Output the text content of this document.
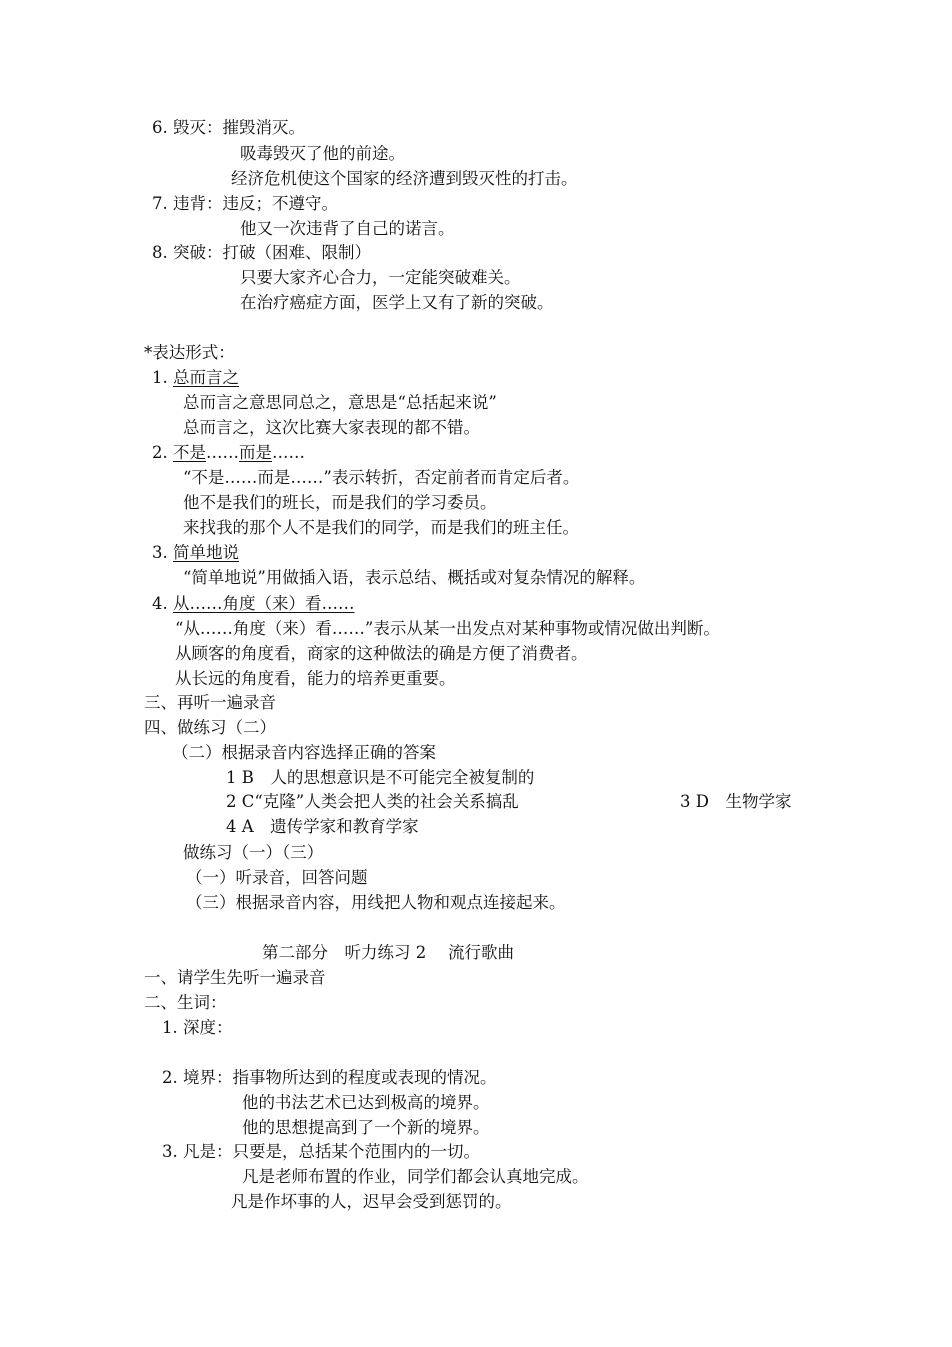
6. 毁灭：摧毁消灭。
吸毒毁灭了他的前途。
经济危机使这个国家的经济遭到毁灭性的打击。
7. 违背：违反；不遵守。
他又一次违背了自己的诺言。
8. 突破：打破（困难、限制）
只要大家齐心合力，一定能突破难关。
在治疗癌症方面，医学上又有了新的突破。
*表达形式：
1. 总而言之
总而言之意思同总之，意思是“总括起来说”
总而言之，这次比赛大家表现的都不错。
2. 不是……而是……
“不是……而是……”表示转折，否定前者而肯定后者。
他不是我们的班长，而是我们的学习委员。
来找我的那个人不是我们的同学，而是我们的班主任。
3. 简单地说
“简单地说”用做插入语，表示总结、概括或对复杂情况的解释。
4. 从……角度（来）看……
“从……角度（来）看……”表示从某一出发点对某种事物或情况做出判断。
从顾客的角度看，商家的这种做法的确是方便了消费者。
从长远的角度看，能力的培养更重要。
三、再听一遍录音
四、做练习（二）
（二）根据录音内容选择正确的答案
1 B　人的思想意识是不可能完全被复制的
2 C“克隆”人类会把人类的社会关系搞乱	3 D　生物学家
4 A　遗传学家和教育学家
做练习（一）（三）
（一）听录音，回答问题
（三）根据录音内容，用线把人物和观点连接起来。
第二部分　听力练习 2　 流行歌曲
一、请学生先听一遍录音
二、生词：
1. 深度：
2. 境界：指事物所达到的程度或表现的情况。
他的书法艺术已达到极高的境界。
他的思想提高到了一个新的境界。
3. 凡是：只要是，总括某个范围内的一切。
凡是老师布置的作业，同学们都会认真地完成。
凡是作坏事的人，迟早会受到惩罚的。
